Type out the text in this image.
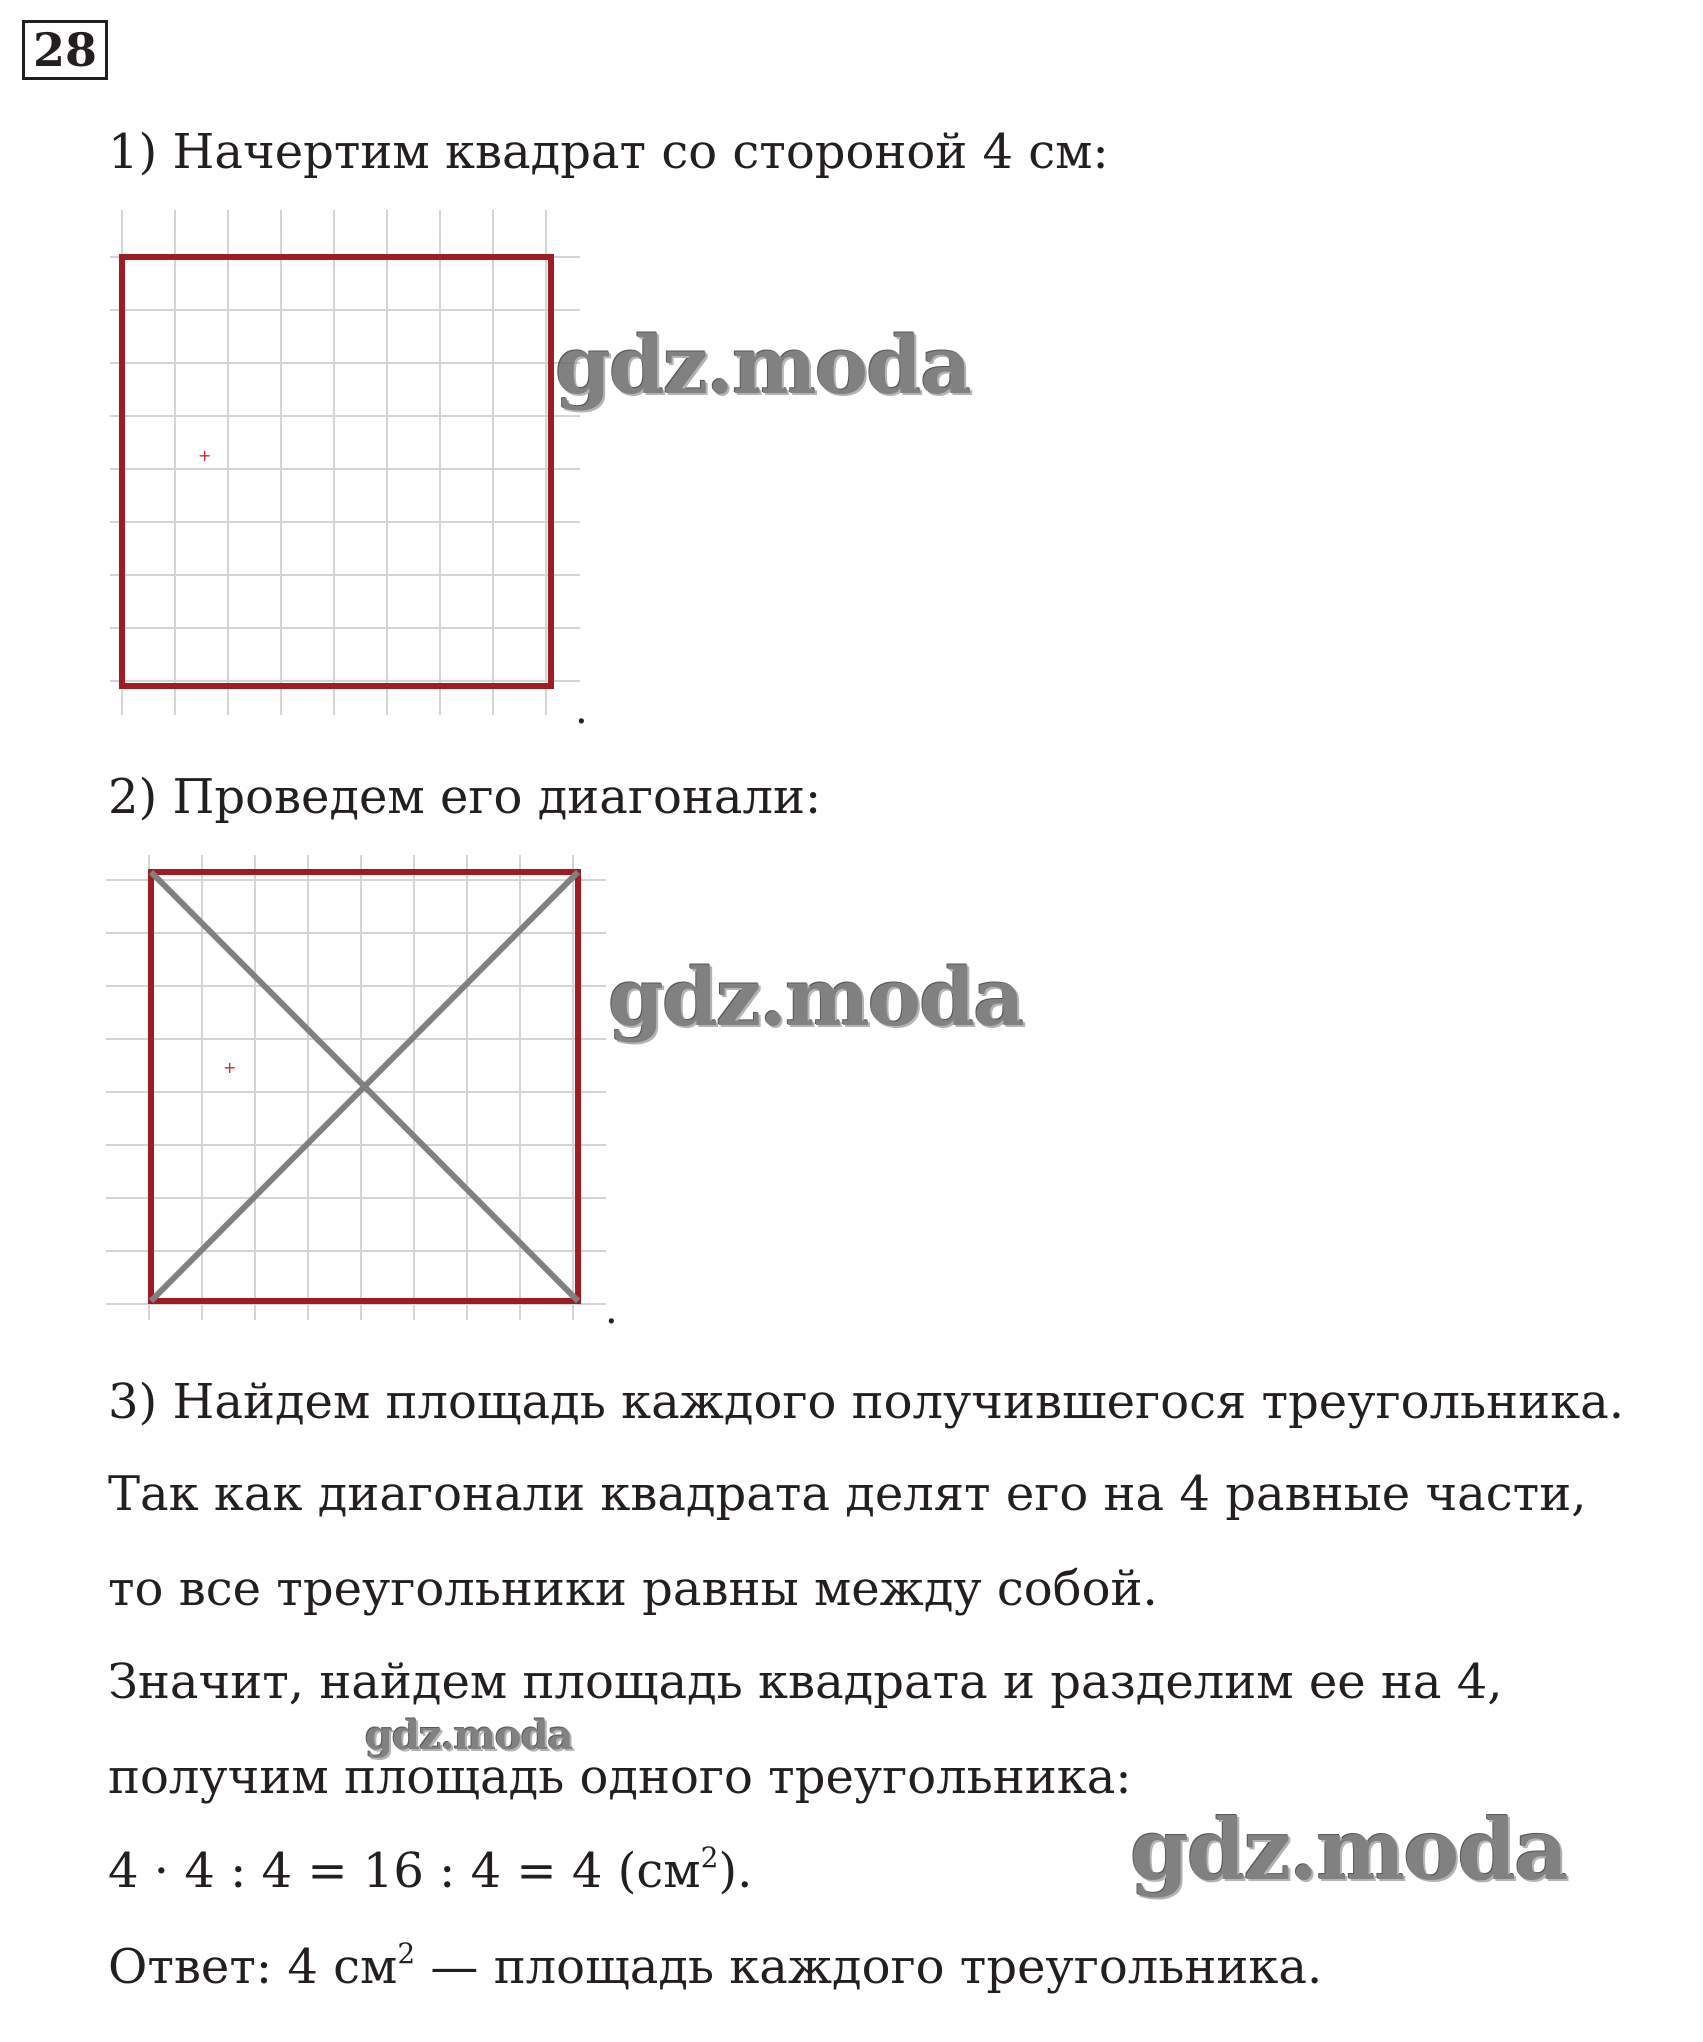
28
1) Начертим квадрат со стороной 4 см:
+
.
gdz.moda
2) Проведем его диагонали:
+
.
gdz.moda
3) Найдем площадь каждого получившегося треугольника.
Так как диагонали квадрата делят его на 4 равные части,
то все треугольники равны между собой.
Значит, найдем площадь квадрата и разделим ее на 4,
получим площадь одного треугольника:
gdz.moda
4 · 4 : 4 = 16 : 4 = 4 $(см^2)$.	gdz.moda
Ответ: 4 $см^2$ — площадь каждого треугольника.
